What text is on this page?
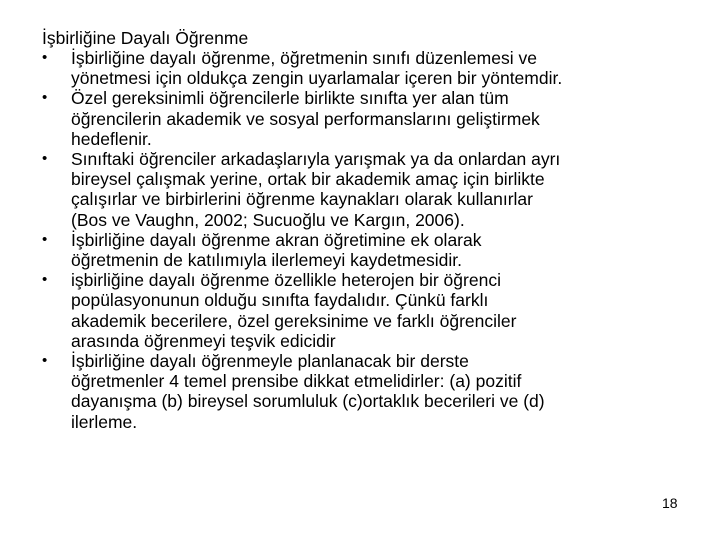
İşbirliğine Dayalı Öğrenme
• İşbirliğine dayalı öğrenme, öğretmenin sınıfı düzenlemesi ve
yönetmesi için oldukça zengin uyarlamalar içeren bir yöntemdir.
• Özel gereksinimli öğrencilerle birlikte sınıfta yer alan tüm
öğrencilerin akademik ve sosyal performanslarını geliştirmek
hedeflenir.
• Sınıftaki öğrenciler arkadaşlarıyla yarışmak ya da onlardan ayrı
bireysel çalışmak yerine, ortak bir akademik amaç için birlikte
çalışırlar ve birbirlerini öğrenme kaynakları olarak kullanırlar
(Bos ve Vaughn, 2002; Sucuoğlu ve Kargın, 2006).
• İşbirliğine dayalı öğrenme akran öğretimine ek olarak
öğretmenin de katılımıyla ilerlemeyi kaydetmesidir.
• işbirliğine dayalı öğrenme özellikle heterojen bir öğrenci
popülasyonunun olduğu sınıfta faydalıdır. Çünkü farklı
akademik becerilere, özel gereksinime ve farklı öğrenciler
arasında öğrenmeyi teşvik edicidir
• İşbirliğine dayalı öğrenmeyle planlanacak bir derste
öğretmenler 4 temel prensibe dikkat etmelidirler: (a) pozitif
dayanışma (b) bireysel sorumluluk (c)ortaklık becerileri ve (d)
ilerleme.
18
